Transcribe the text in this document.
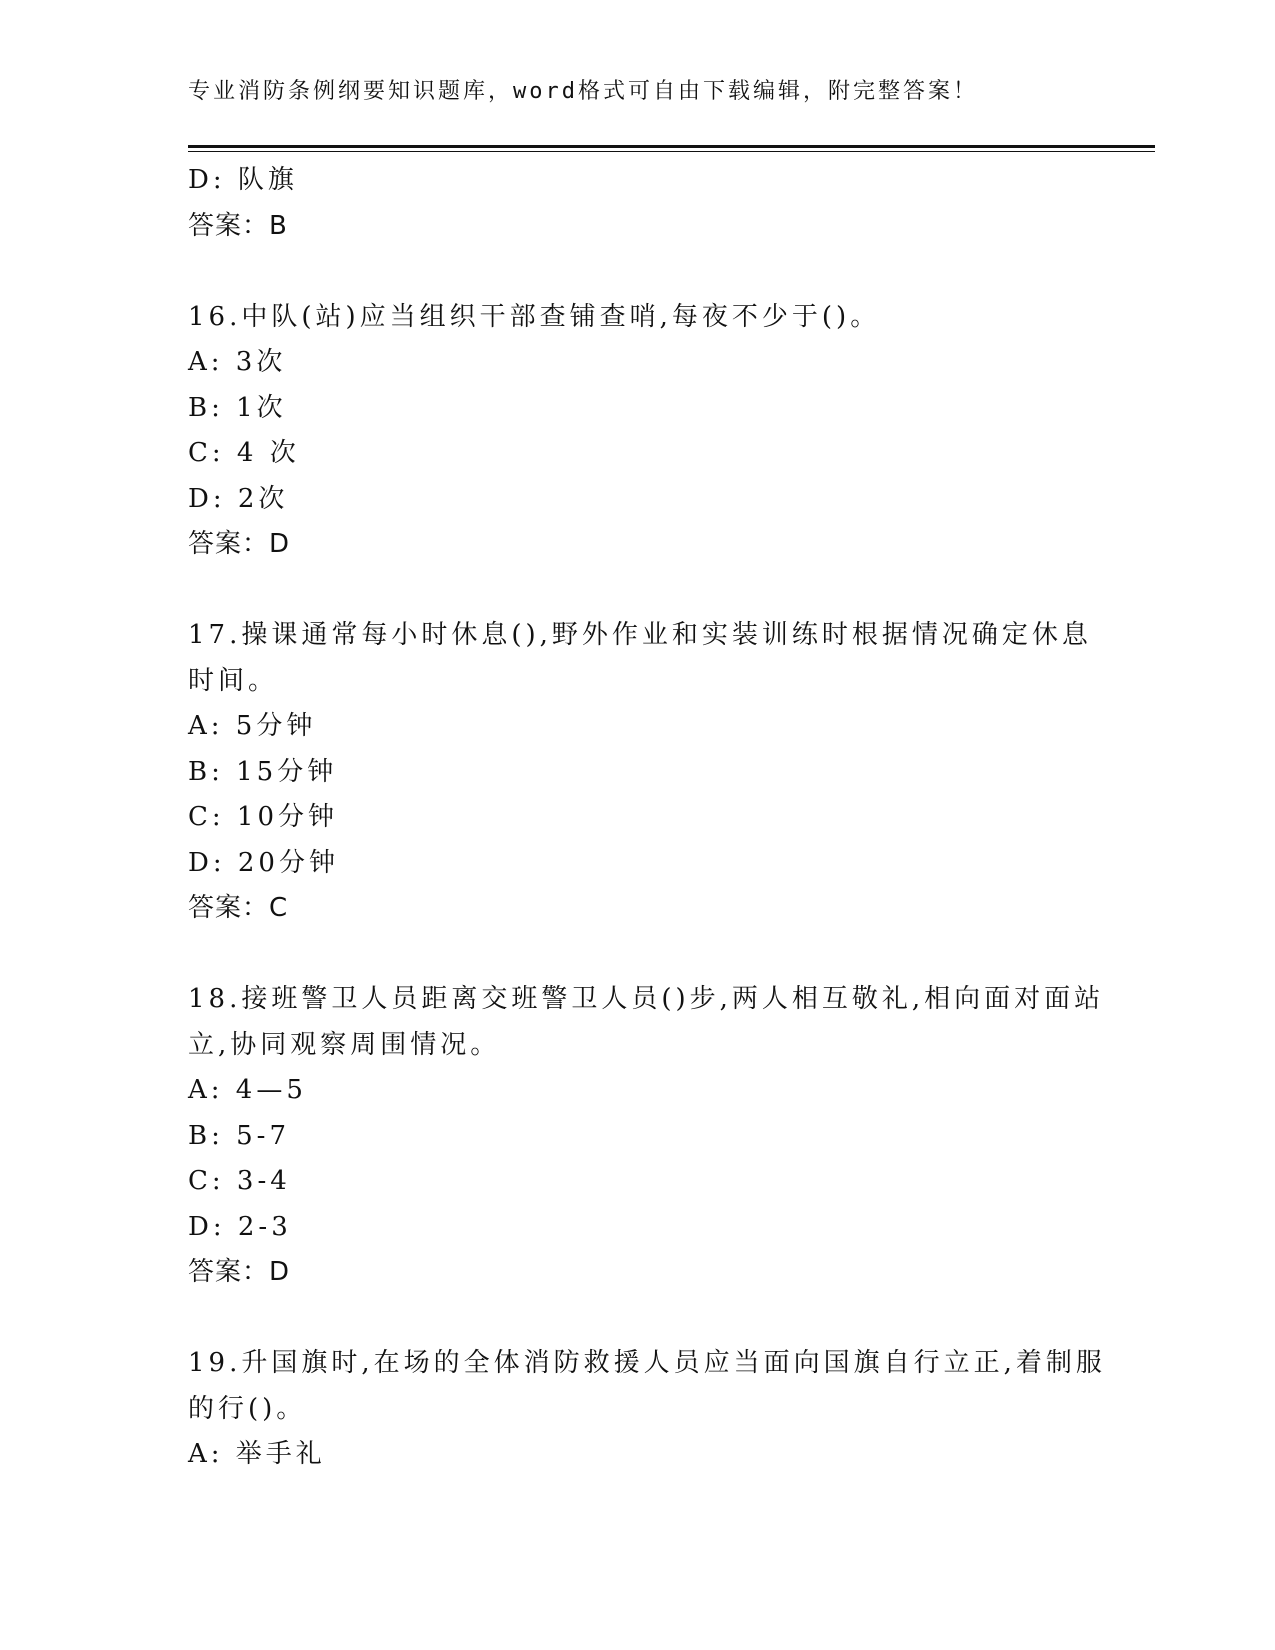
专业消防条例纲要知识题库，word格式可自由下载编辑，附完整答案！
D: 队旗
答案：B
16.中队(站)应当组织干部查铺查哨,每夜不少于()。
A: 3次
B: 1次
C: 4 次
D: 2次
答案：D
17.操课通常每小时休息(),野外作业和实装训练时根据情况确定休息
时间。
A: 5分钟
B: 15分钟
C: 10分钟
D: 20分钟
答案：C
18.接班警卫人员距离交班警卫人员()步,两人相互敬礼,相向面对面站
立,协同观察周围情况。
A: 4—5
B: 5-7
C: 3-4
D: 2-3
答案：D
19.升国旗时,在场的全体消防救援人员应当面向国旗自行立正,着制服
的行()。
A: 举手礼
